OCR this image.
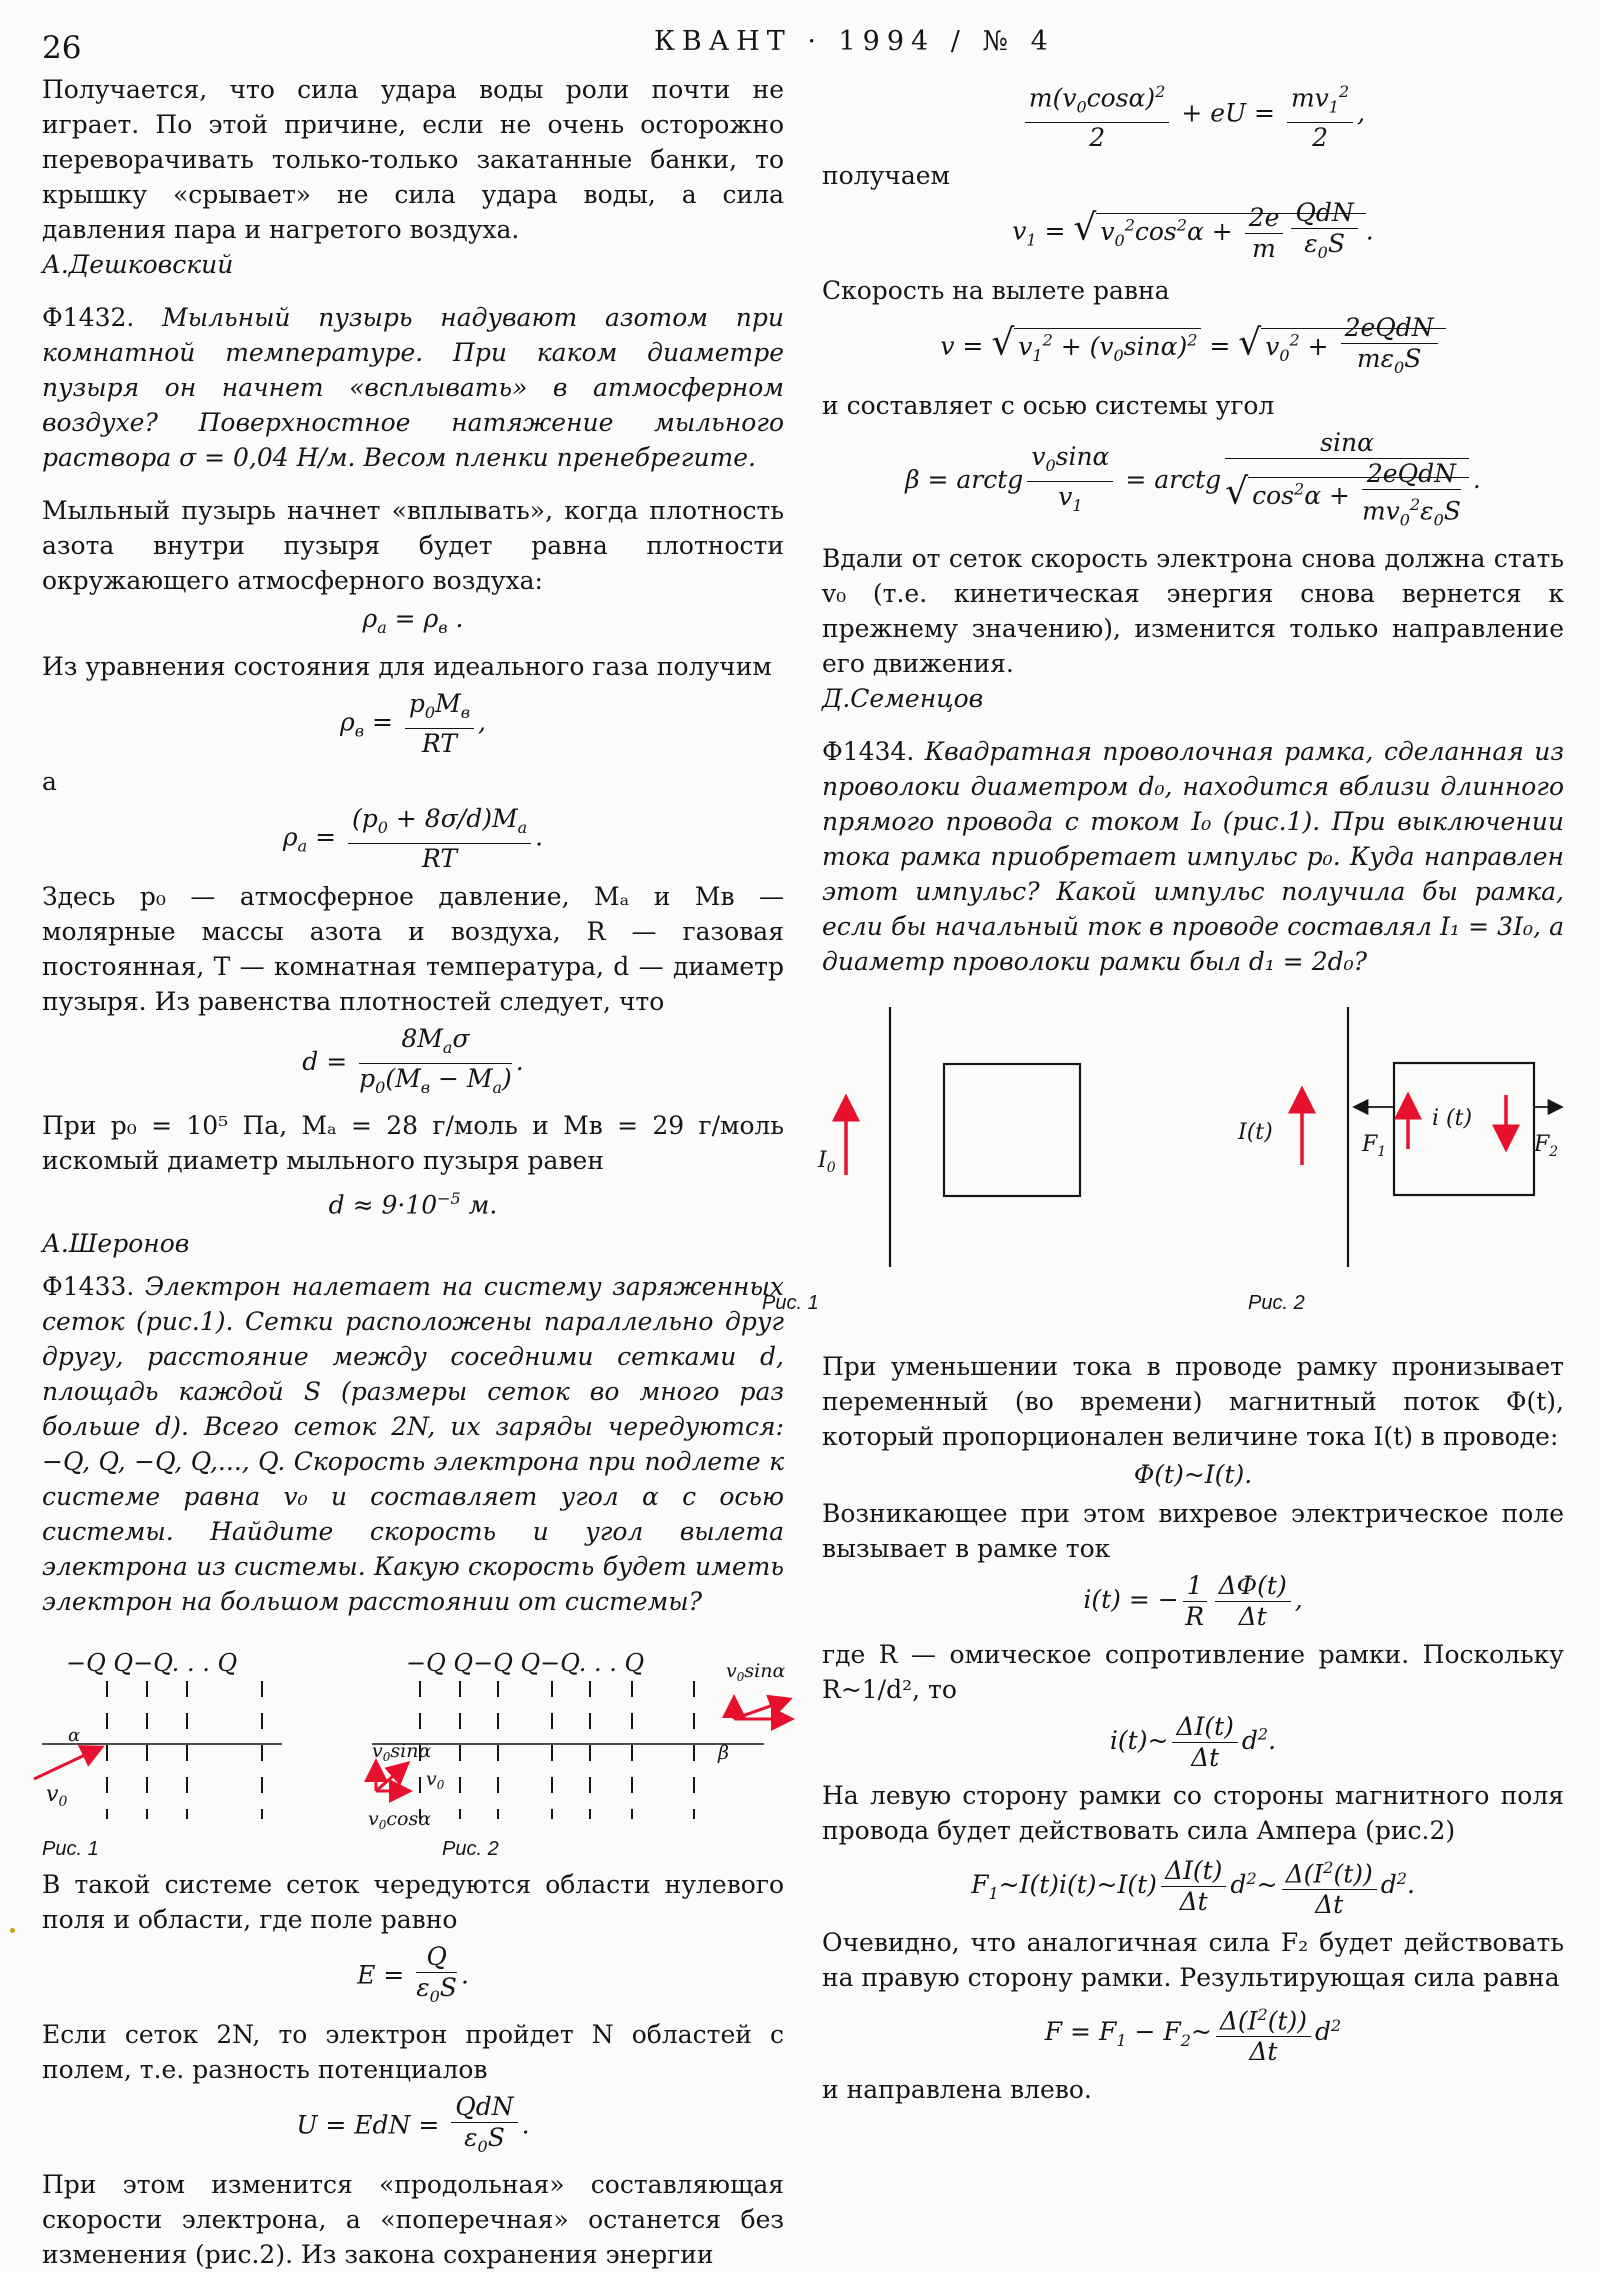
26	КВАНТ · 1994 / № 4

Получается, что сила удара воды роли почти не играет. По этой причине, если не очень осторожно переворачивать только-только закатанные банки, то крышку «срывает» не сила удара воды, а сила давления пара и нагретого воздуха.

А.Дешковский

Ф1432. Мыльный пузырь надувают азотом при комнатной температуре. При каком диаметре пузыря он начнет «всплывать» в атмосферном воздухе? Поверхностное натяжение мыльного раствора σ = 0,04 Н/м. Весом пленки пренебрегите.

Мыльный пузырь начнет «вплывать», когда плотность азота внутри пузыря будет равна плотности окружающего атмосферного воздуха:

$\rho_а = \rho_в$ .

Из уравнения состояния для идеального газа получим

$\rho_в = \frac{p_0M_в}{RT}$ ,

а

$\rho_а = \frac{(p_0 + 8\sigma/d)M_а}{RT}$ .

Здесь p₀ — атмосферное давление, Mₐ и Mв — молярные массы азота и воздуха, R — газовая постоянная, T — комнатная температура, d — диаметр пузыря. Из равенства плотностей следует, что

$d = \frac{8M_а\sigma}{p_0(M_в - M_а)}$ .

При p₀ = 10⁵ Па, Mₐ = 28 г/моль и Mв = 29 г/моль искомый диаметр мыльного пузыря равен

$d \approx 9\cdot 10^{-5}$ м.
А.Шеронов

Ф1433. Электрон налетает на систему заряженных сеток (рис.1). Сетки расположены параллельно друг другу, расстояние между соседними сетками d, площадь каждой S (размеры сеток во много раз больше d). Всего сеток 2N, их заряды чередуются: −Q, Q, −Q, Q,..., Q. Скорость электрона при подлете к системе равна v₀ и составляет угол α с осью системы. Найдите скорость и угол вылета электрона из системы. Какую скорость будет иметь электрон на большом расстоянии от системы?

−Q Q−Q. . . Q
$v_0$
α
Рис. 1
−Q Q−Q Q−Q. . . Q
$v_0\sin\alpha$
$v_0$
$v_0\cos\alpha$
$v_0\sin\alpha$
β
Рис. 2

В такой системе сеток чередуются области нулевого поля и области, где поле равно

$E = \frac{Q}{\varepsilon_0S}$ .

Если сеток 2N, то электрон пройдет N областей с полем, т.е. разность потенциалов

U = EdN = $\frac{\text{QdN}}{\varepsilon_0S}$ .

При этом изменится «продольная» составляющая скорости электрона, а «поперечная» останется без изменения (рис.2). Из закона сохранения энергии

$\frac{m(v_0\cos\alpha)^2}{2}$ + eU = $\frac{mv_1^2}{2}$ ,

получаем

$v_1$ = √ $v_0^2\cos^2\alpha + \frac{2e}{m} \frac{\text{QdN}}{\varepsilon_0S}$ .

Скорость на вылете равна

v = √ $v_1^2 + (v_0\sin\alpha)^2$ = √ $v_0^2 + \frac{\text{2eQdN}}{m\varepsilon_0S}$

и составляет с осью системы угол

β = arctg $\frac{v_0\sin\alpha}{v_1}$ = arctg $\frac{\sin\alpha}{√ \cos^2\alpha + \frac{\text{2eQdN}}{mv_0^2\varepsilon_0S}}$ .

Вдали от сеток скорость электрона снова должна стать v₀ (т.е. кинетическая энергия снова вернется к прежнему значению), изменится только направление его движения.

Д.Семенцов

Ф1434. Квадратная проволочная рамка, сделанная из проволоки диаметром d₀, находится вблизи длинного прямого провода с током I₀ (рис.1). При выключении тока рамка приобретает импульс p₀. Куда направлен этот импульс? Какой импульс получила бы рамка, если бы начальный ток в проводе составлял I₁ = 3I₀, а диаметр проволоки рамки был d₁ = 2d₀?

$I_0$
Рис. 1
I(t)	$F_1$	$F_2$
i (t)
Рис. 2

При уменьшении тока в проводе рамку пронизывает переменный (во времени) магнитный поток Φ(t), который пропорционален величине тока I(t) в проводе:

Φ(t)~I(t).

Возникающее при этом вихревое электрическое поле вызывает в рамке ток

i(t) = − $\frac{1}{R} \frac{\Delta\Phi(t)}{\Delta t}$ ,

где R — омическое сопротивление рамки. Поскольку R~1/d², то

i(t)~ $\frac{\Delta I(t)}{\Delta t} d^2$.

На левую сторону рамки со стороны магнитного поля провода будет действовать сила Ампера (рис.2)

$F_1\sim I(t)i(t)\sim I(t) \frac{\Delta I(t)}{\Delta t}$ $d^2\sim \frac{\Delta(I^2(t))}{\Delta t} d^2$.

Очевидно, что аналогичная сила F₂ будет действовать на правую сторону рамки. Результирующая сила равна

$F = F_1$ − $F_2\sim \frac{\Delta(I^2(t))}{\Delta t} d^2$

и направлена влево.
